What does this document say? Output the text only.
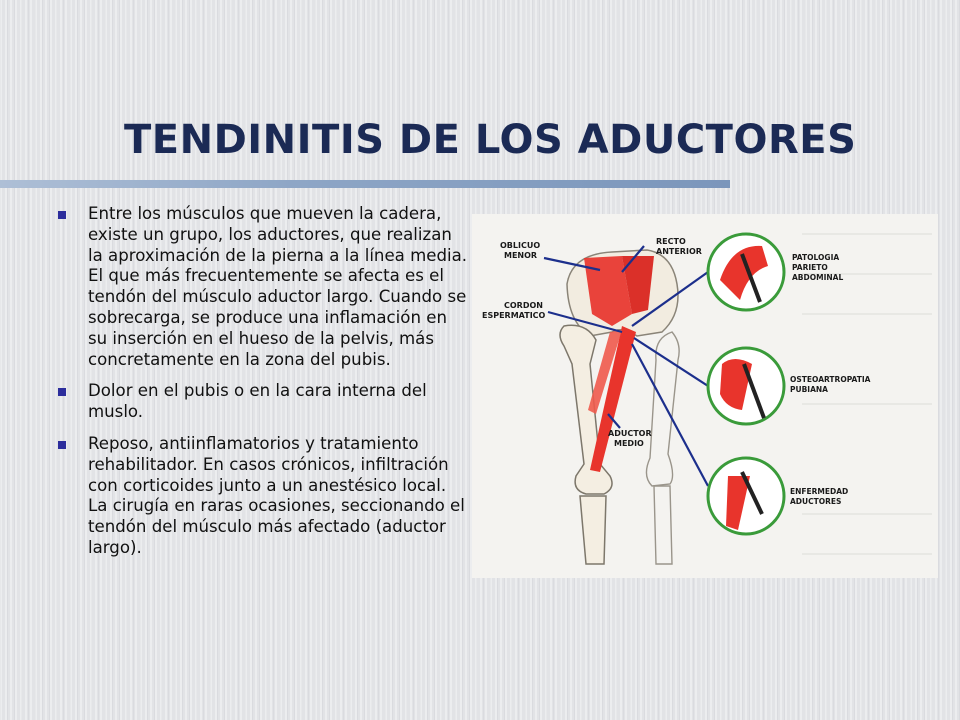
TENDINITIS DE LOS ADUCTORES
Entre los músculos que mueven la cadera, existe un grupo, los aductores, que realizan la aproximación de la pierna a la línea media. El que más frecuentemente se afecta es el tendón del músculo aductor largo. Cuando se sobrecarga, se produce una inflamación en su inserción en el hueso de la pelvis, más concretamente en la zona del pubis.
Dolor en el pubis o en la cara interna del muslo.
Reposo, antiinflamatorios y tratamiento rehabilitador. En casos crónicos, infiltración con corticoides junto a un anestésico local. La cirugía en raras ocasiones, seccionando el tendón del músculo más afectado (aductor largo).
OBLICUO
MENOR
RECTO
ANTERIOR
CORDON
ESPERMATICO
ADUCTOR
MEDIO
PATOLOGIA
PARIETO
ABDOMINAL
OSTEOARTROPATIA
PUBIANA
ENFERMEDAD
ADUCTORES
